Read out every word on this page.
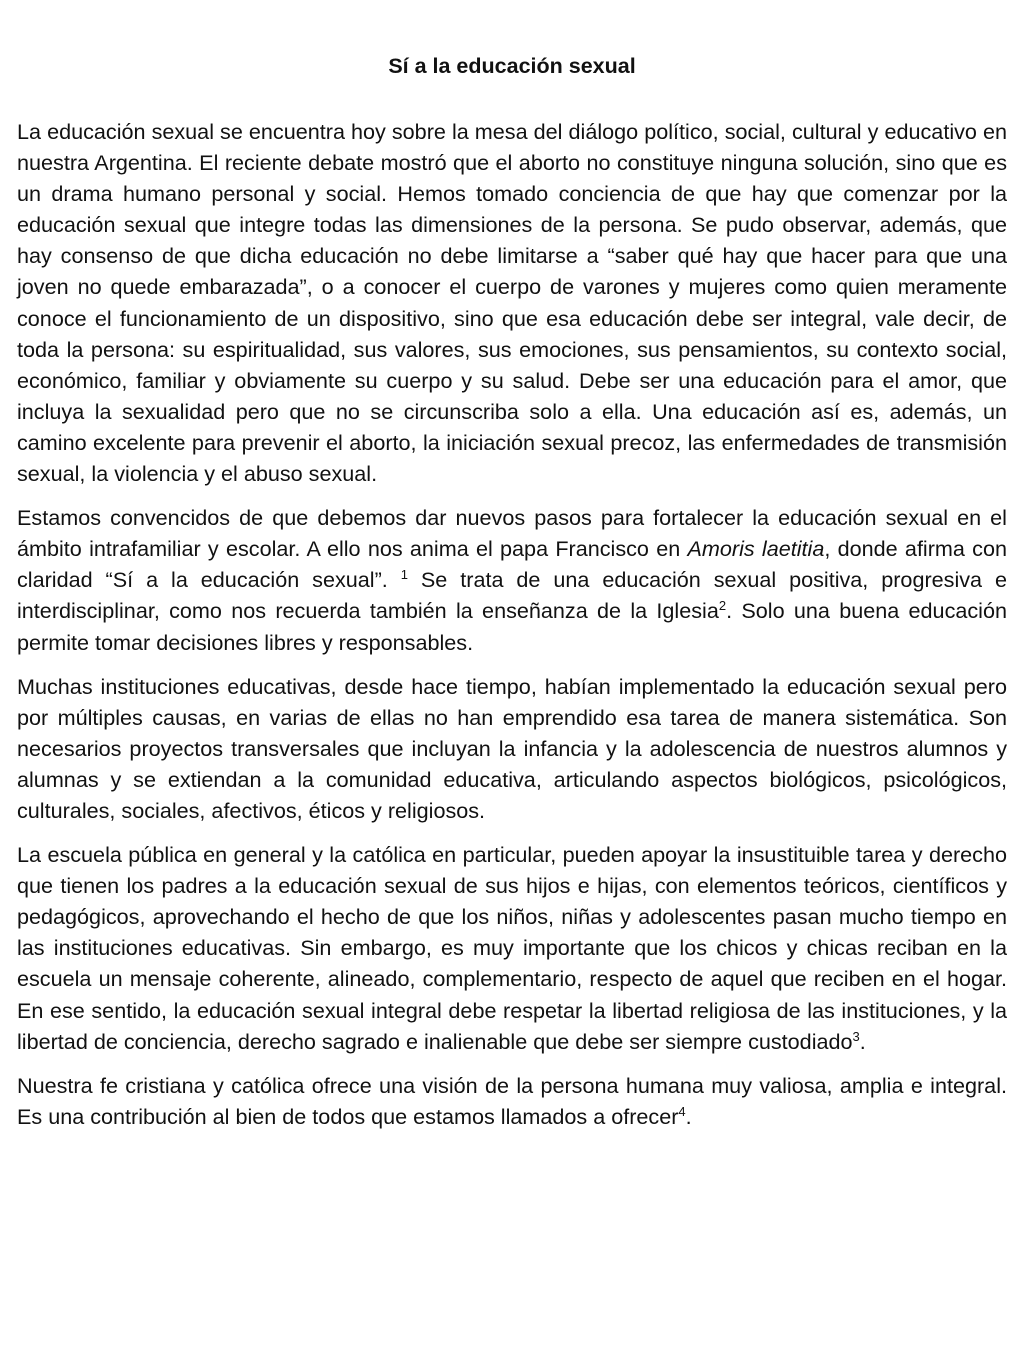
Sí a la educación sexual

La educación sexual se encuentra hoy sobre la mesa del diálogo político, social, cultural y educativo en nuestra Argentina. El reciente debate mostró que el aborto no constituye ninguna solución, sino que es un drama humano personal y social. Hemos tomado conciencia de que hay que comenzar por la educación sexual que integre todas las dimensiones de la persona. Se pudo observar, además, que hay consenso de que dicha educación no debe limitarse a “saber qué hay que hacer para que una joven no quede embarazada”, o a conocer el cuerpo de varones y mujeres como quien meramente conoce el funcionamiento de un dispositivo, sino que esa educación debe ser integral, vale decir, de toda la persona: su espiritualidad, sus valores, sus emociones, sus pensamientos, su contexto social, económico, familiar y obviamente su cuerpo y su salud. Debe ser una educación para el amor, que incluya la sexualidad pero que no se circunscriba solo a ella. Una educación así es, además, un camino excelente para prevenir el aborto, la iniciación sexual precoz, las enfermedades de transmisión sexual, la violencia y el abuso sexual.

Estamos convencidos de que debemos dar nuevos pasos para fortalecer la educación sexual en el ámbito intrafamiliar y escolar. A ello nos anima el papa Francisco en Amoris laetitia, donde afirma con claridad “Sí a la educación sexual”. $^1$ Se trata de una educación sexual positiva, progresiva e interdisciplinar, como nos recuerda también la enseñanza de la Iglesia$^2$. Solo una buena educación permite tomar decisiones libres y responsables.

Muchas instituciones educativas, desde hace tiempo, habían implementado la educación sexual pero por múltiples causas, en varias de ellas no han emprendido esa tarea de manera sistemática. Son necesarios proyectos transversales que incluyan la infancia y la adolescencia de nuestros alumnos y alumnas y se extiendan a la comunidad educativa, articulando aspectos biológicos, psicológicos, culturales, sociales, afectivos, éticos y religiosos.

La escuela pública en general y la católica en particular, pueden apoyar la insustituible tarea y derecho que tienen los padres a la educación sexual de sus hijos e hijas, con elementos teóricos, científicos y pedagógicos, aprovechando el hecho de que los niños, niñas y adolescentes pasan mucho tiempo en las instituciones educativas. Sin embargo, es muy importante que los chicos y chicas reciban en la escuela un mensaje coherente, alineado, complementario, respecto de aquel que reciben en el hogar. En ese sentido, la educación sexual integral debe respetar la libertad religiosa de las instituciones, y la libertad de conciencia, derecho sagrado e inalienable que debe ser siempre custodiado$^3$.

Nuestra fe cristiana y católica ofrece una visión de la persona humana muy valiosa, amplia e integral. Es una contribución al bien de todos que estamos llamados a ofrecer$^4$.
